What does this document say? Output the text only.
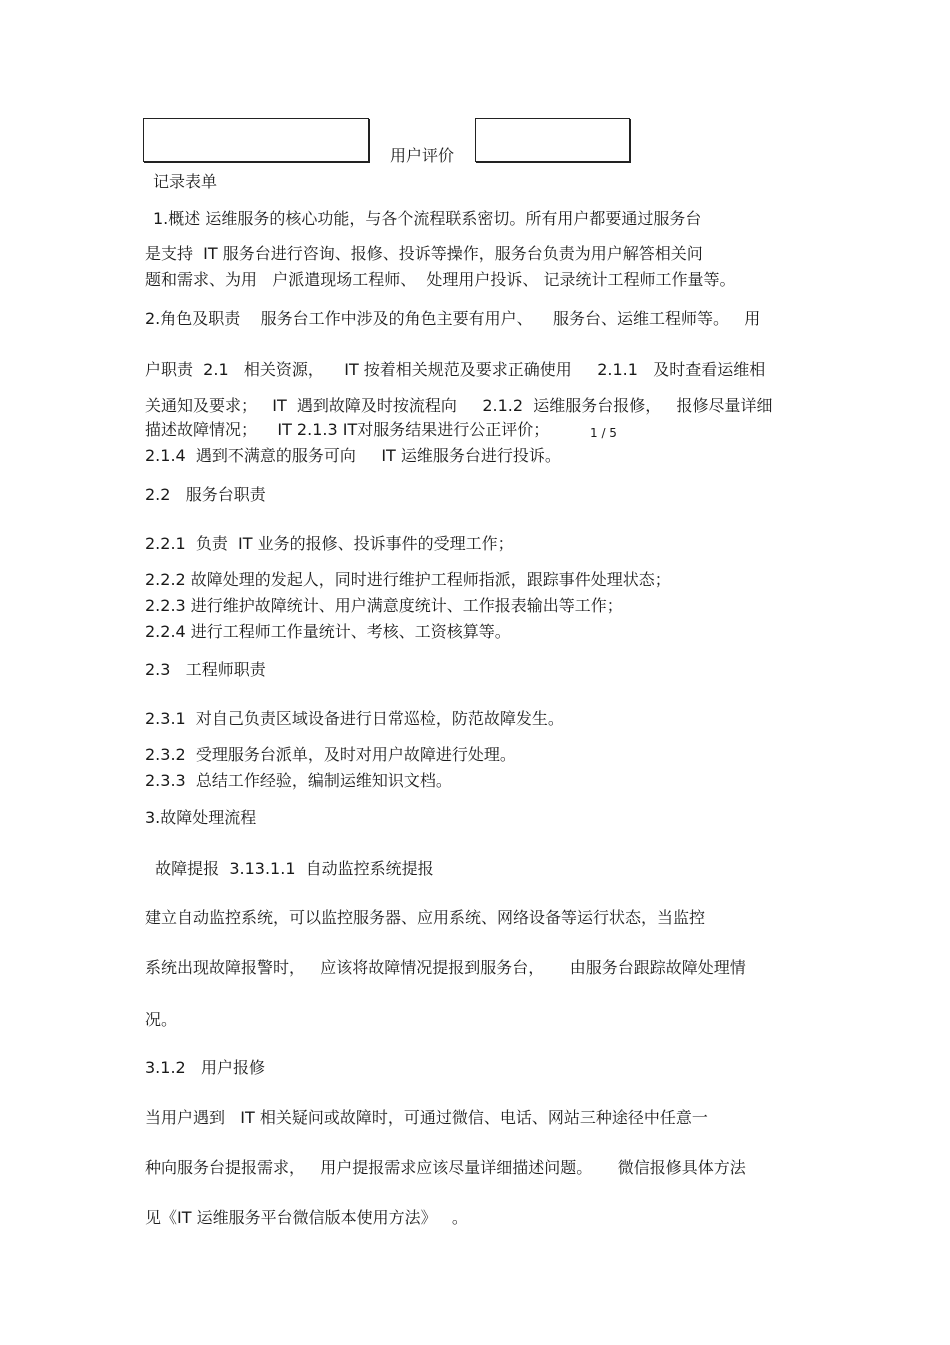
用户评价
记录表单
1.概述 运维服务的核心功能，与各个流程联系密切。所有用户都要通过服务台
是支持  IT 服务台进行咨询、报修、投诉等操作，服务台负责为用户解答相关问
题和需求、为用   户派遣现场工程师、  处理用户投诉、 记录统计工程师工作量等。
2.角色及职责    服务台工作中涉及的角色主要有用户、    服务台、运维工程师等。   用
户职责  2.1   相关资源，    IT 按着相关规范及要求正确使用     2.1.1   及时查看运维相
关通知及要求；   IT  遇到故障及时按流程向     2.1.2  运维服务台报修，   报修尽量详细
描述故障情况；    IT 2.1.3 IT对服务结果进行公正评价；	1 / 5
2.1.4  遇到不满意的服务可向     IT 运维服务台进行投诉。
2.2   服务台职责
2.2.1  负责  IT 业务的报修、投诉事件的受理工作；
2.2.2 故障处理的发起人，同时进行维护工程师指派，跟踪事件处理状态；
2.2.3 进行维护故障统计、用户满意度统计、工作报表输出等工作；
2.2.4 进行工程师工作量统计、考核、工资核算等。
2.3   工程师职责
2.3.1  对自己负责区域设备进行日常巡检，防范故障发生。
2.3.2  受理服务台派单，及时对用户故障进行处理。
2.3.3  总结工作经验，编制运维知识文档。
3.故障处理流程
故障提报  3.13.1.1  自动监控系统提报
建立自动监控系统，可以监控服务器、应用系统、网络设备等运行状态，当监控
系统出现故障报警时，   应该将故障情况提报到服务台，     由服务台跟踪故障处理情
况。
3.1.2   用户报修
当用户遇到   IT 相关疑问或故障时，可通过微信、电话、网站三种途径中任意一
种向服务台提报需求，   用户提报需求应该尽量详细描述问题。     微信报修具体方法
见《IT 运维服务平台微信版本使用方法》   。
